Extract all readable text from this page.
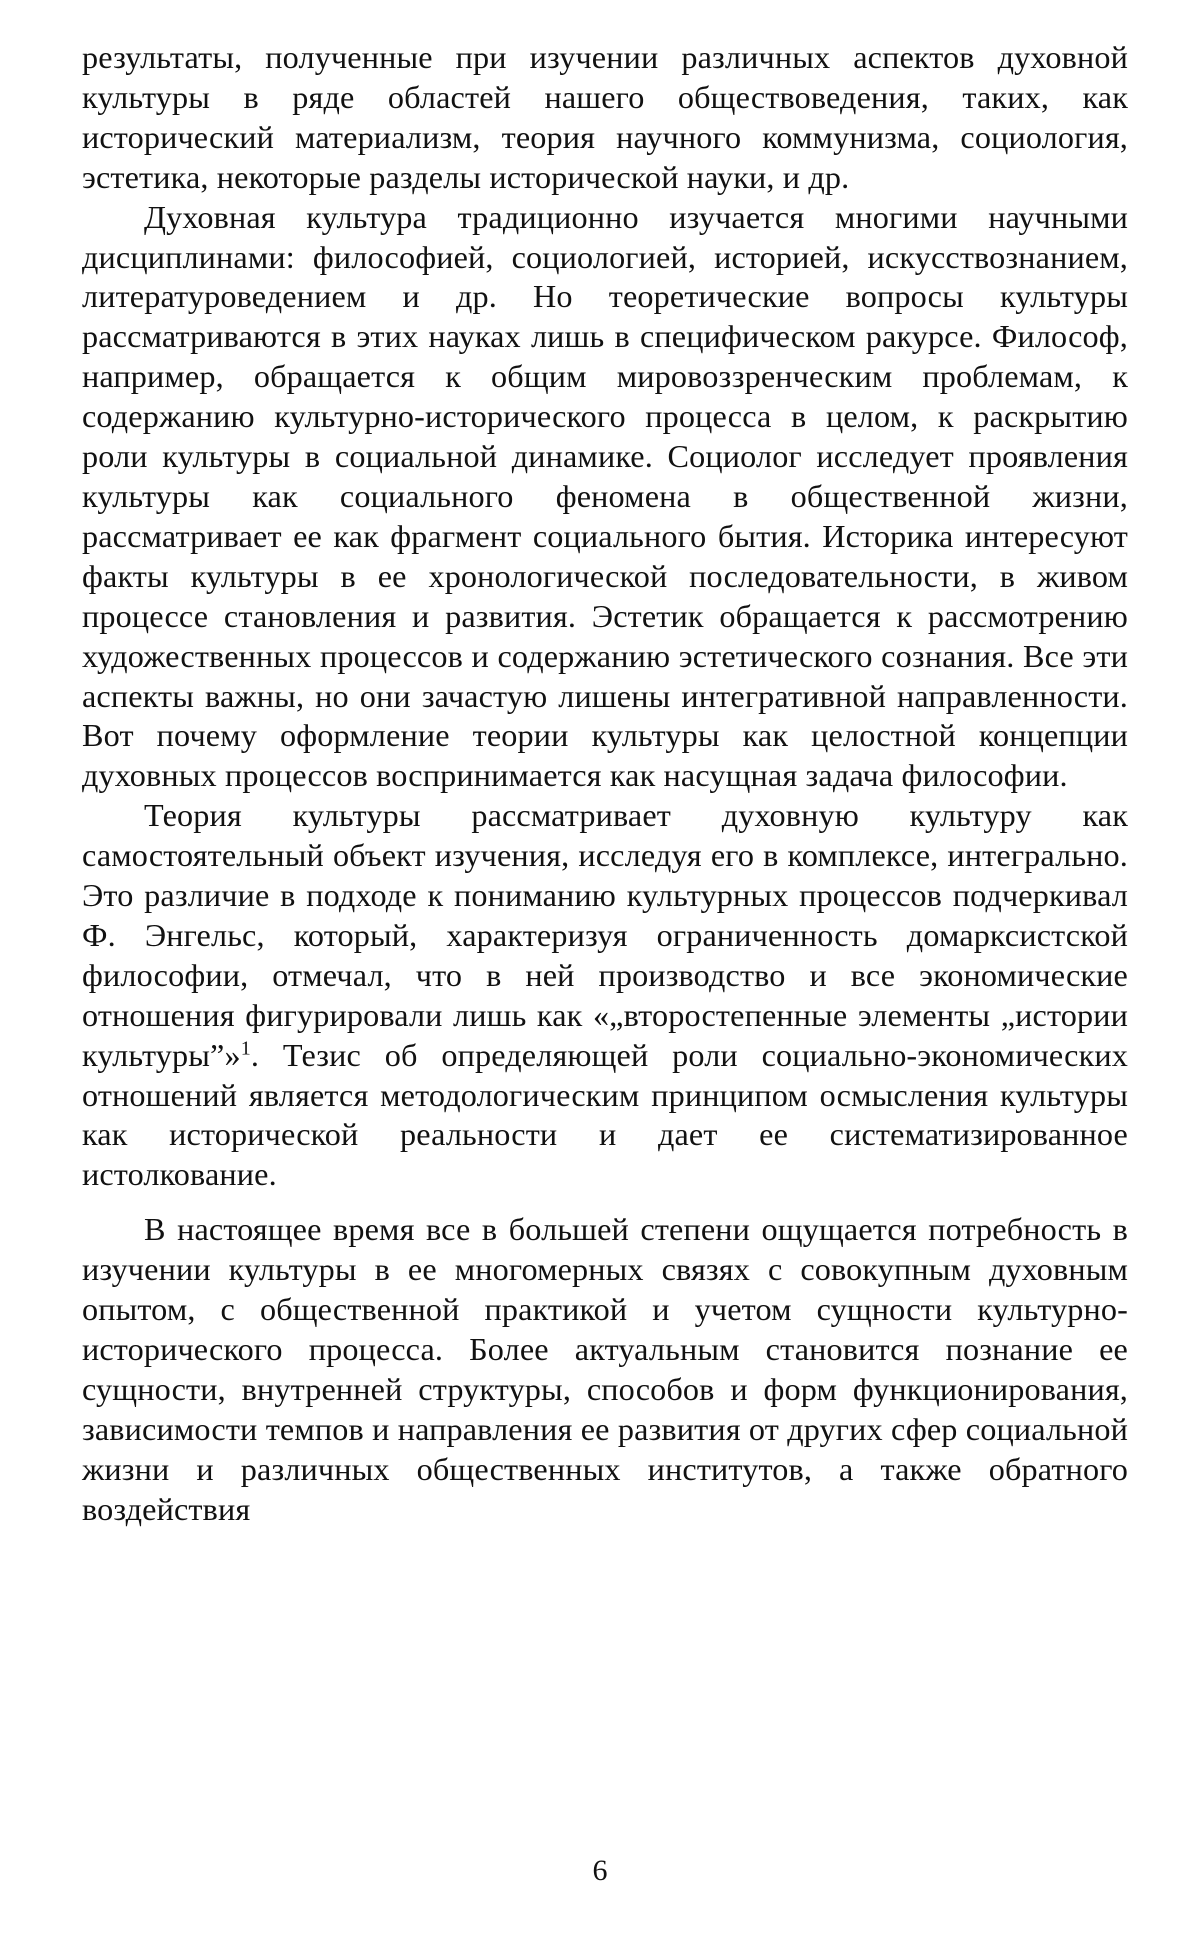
результаты, полученные при изучении различных аспектов духовной культуры в ряде областей нашего обществоведения, таких, как исторический материализм, теория научного коммунизма, социология, эстетика, некоторые разделы исторической науки, и др.

Духовная культура традиционно изучается многими научными дисциплинами: философией, социологией, историей, искусствознанием, литературоведением и др. Но теоретические вопросы культуры рассматриваются в этих науках лишь в специфическом ракурсе. Философ, например, обращается к общим мировоззренческим проблемам, к содержанию культурно-исторического процесса в целом, к раскрытию роли культуры в социальной динамике. Социолог исследует проявления культуры как социального феномена в общественной жизни, рассматривает ее как фрагмент социального бытия. Историка интересуют факты культуры в ее хронологической последовательности, в живом процессе становления и развития. Эстетик обращается к рассмотрению художественных процессов и содержанию эстетического сознания. Все эти аспекты важны, но они зачастую лишены интегративной направленности. Вот почему оформление теории культуры как целостной концепции духовных процессов воспринимается как насущная задача философии.

Теория культуры рассматривает духовную культуру как самостоятельный объект изучения, исследуя его в комплексе, интегрально. Это различие в подходе к пониманию культурных процессов подчеркивал Ф. Энгельс, который, характеризуя ограниченность домарксистской философии, отмечал, что в ней производство и все экономические отношения фигурировали лишь как «„второстепенные элементы „истории культуры”»$^1$. Тезис об определяющей роли социально-экономических отношений является методологическим принципом осмысления культуры как исторической реальности и дает ее систематизированное истолкование.

В настоящее время все в большей степени ощущается потребность в изучении культуры в ее многомерных связях с совокупным духовным опытом, с общественной практикой и учетом сущности культурно-исторического процесса. Более актуальным становится познание ее сущности, внутренней структуры, способов и форм функционирования, зависимости темпов и направления ее развития от других сфер социальной жизни и различных общественных институтов, а также обратного воздействия

6
